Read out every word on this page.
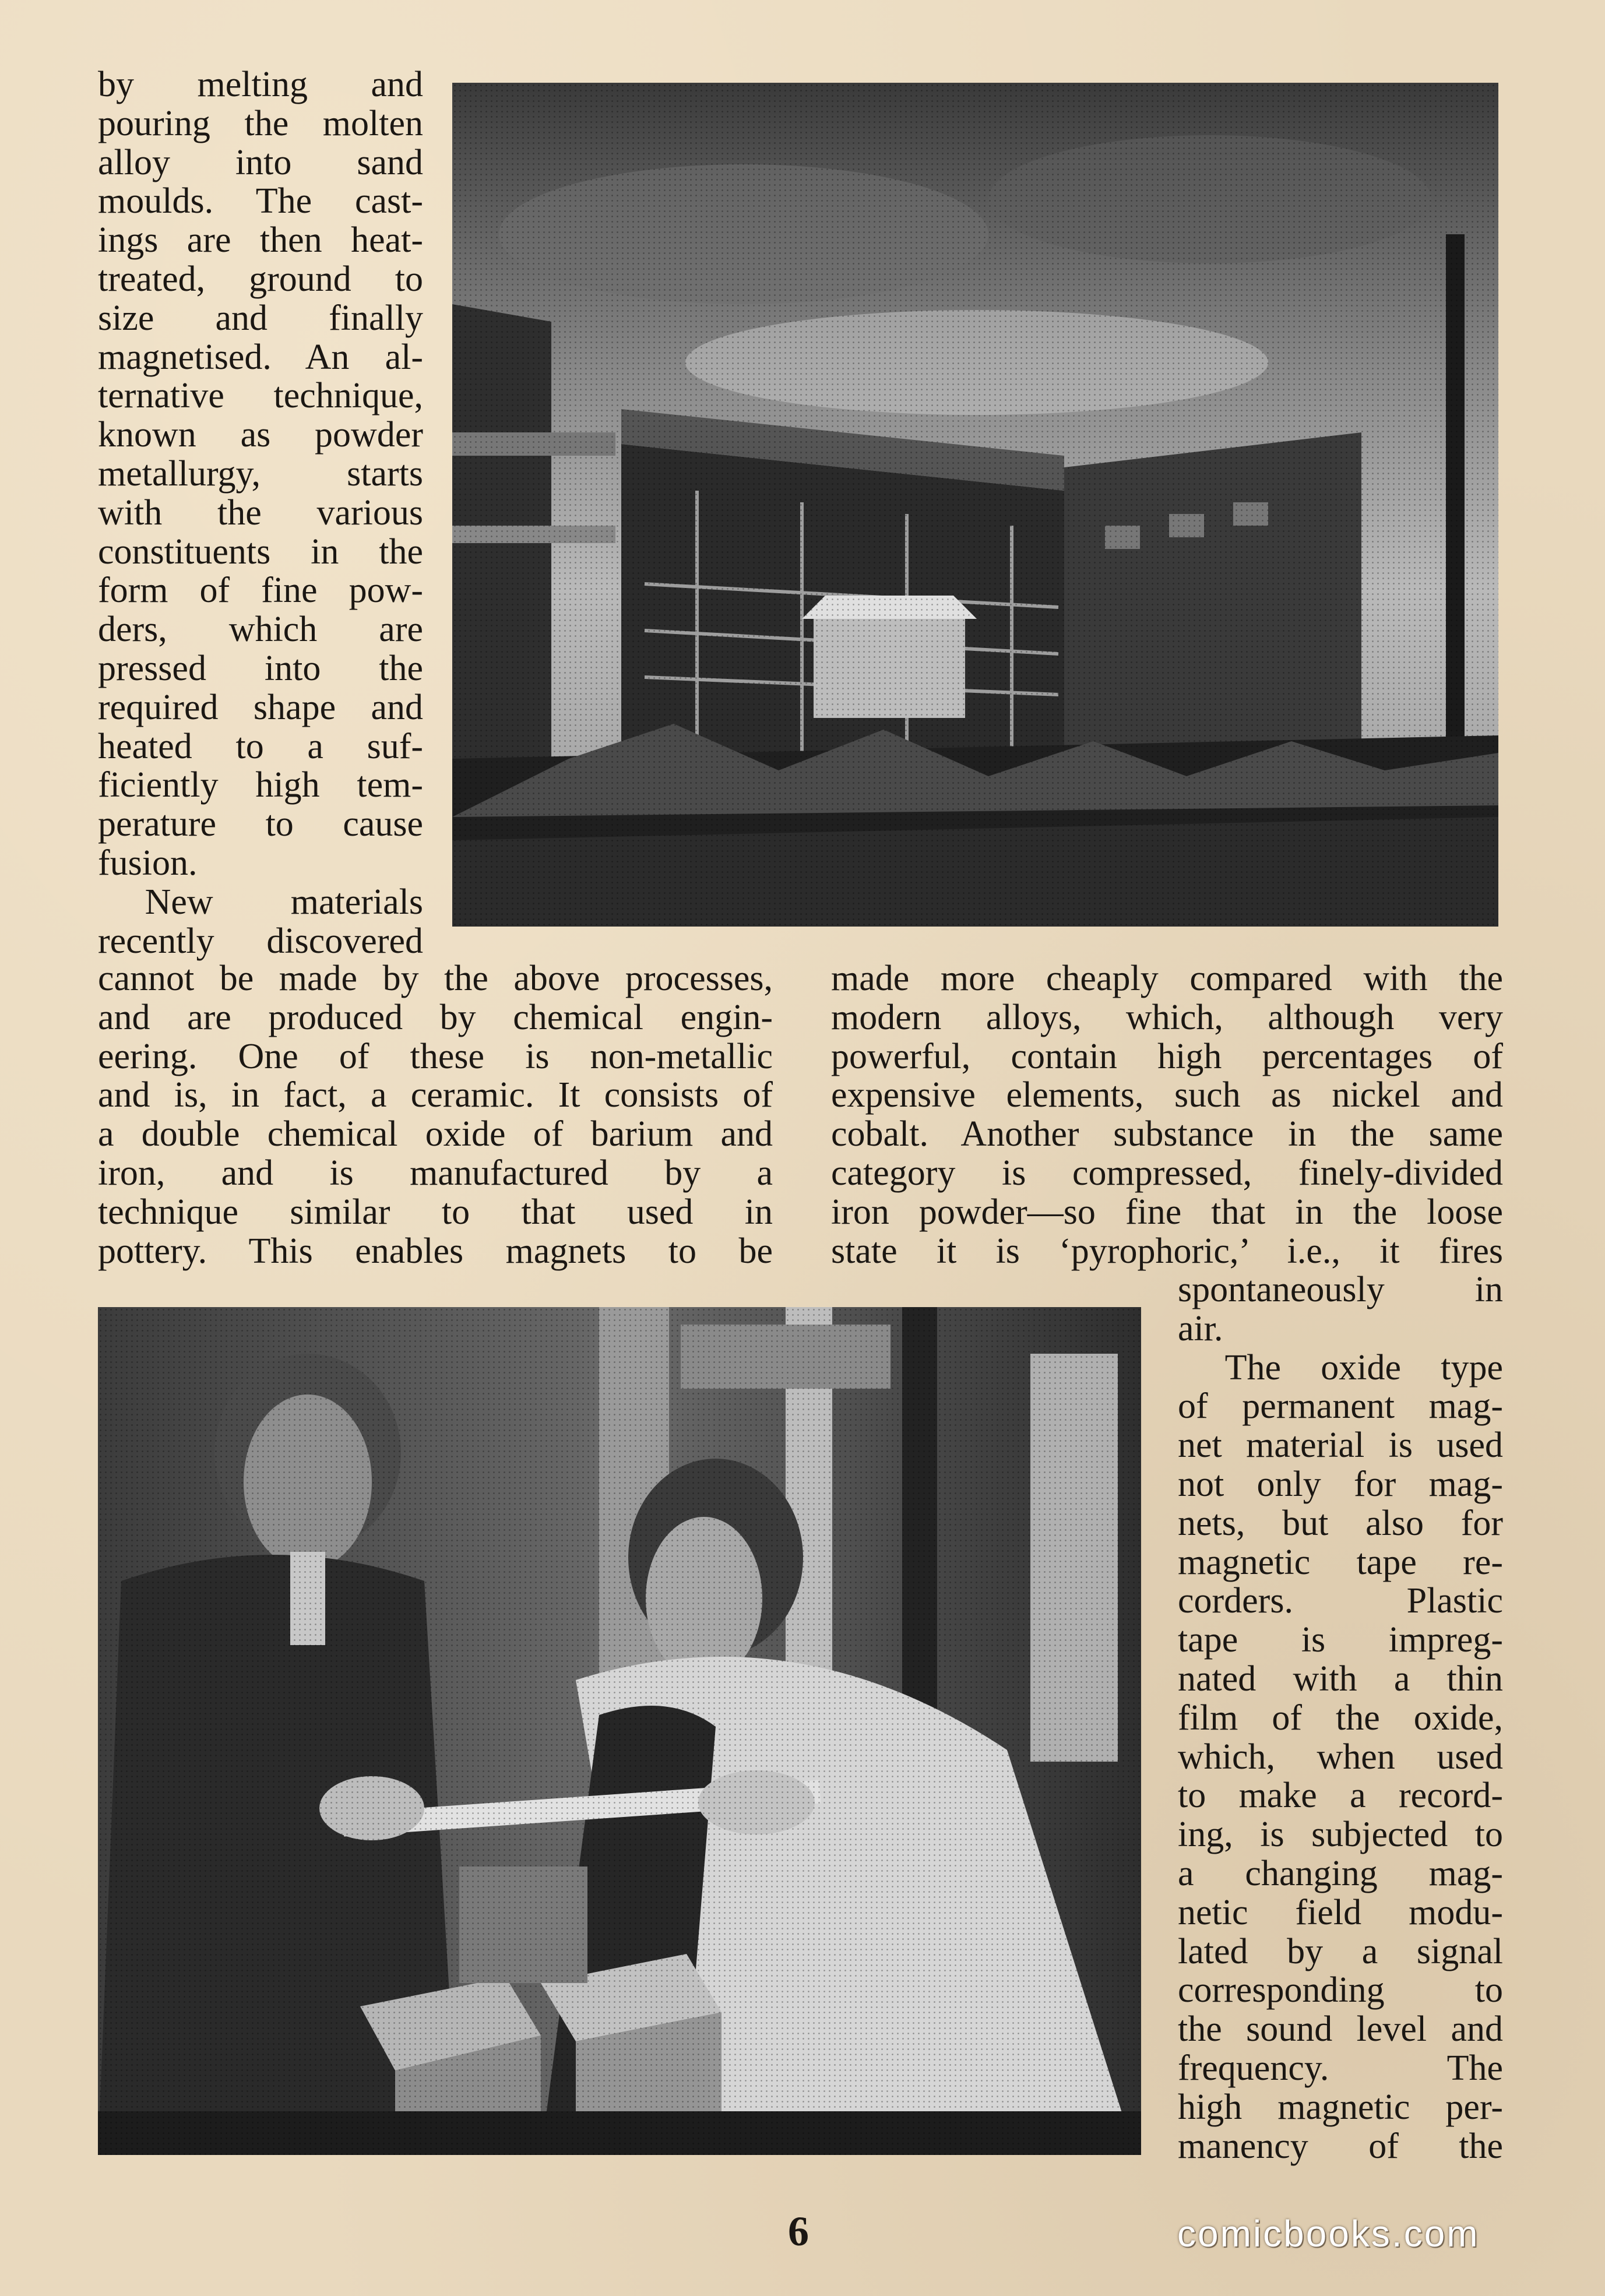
by melting and

pouring the molten

alloy into sand

moulds. The cast-

ings are then heat-

treated, ground to

size and finally

magnetised. An al-

ternative technique,

known as powder

metallurgy, starts

with the various

constituents in the

form of fine pow-

ders, which are

pressed into the

required shape and

heated to a suf-

ficiently high tem-

perature to cause

fusion.

New materials

recently discovered

cannot be made by the above processes,

and are produced by chemical engin-

eering. One of these is non-metallic

and is, in fact, a ceramic. It consists of

a double chemical oxide of barium and

iron, and is manufactured by a

technique similar to that used in

pottery. This enables magnets to be

made more cheaply compared with the

modern alloys, which, although very

powerful, contain high percentages of

expensive elements, such as nickel and

cobalt. Another substance in the same

category is compressed, finely-divided

iron powder—so fine that in the loose

state it is ‘pyrophoric,’ i.e., it fires

spontaneously in

air.

The oxide type

of permanent mag-

net material is used

not only for mag-

nets, but also for

magnetic tape re-

corders. Plastic

tape is impreg-

nated with a thin

film of the oxide,

which, when used

to make a record-

ing, is subjected to

a changing mag-

netic field modu-

lated by a signal

corresponding to

the sound level and

frequency. The

high magnetic per-

manency of the

6	comicbooks.com
